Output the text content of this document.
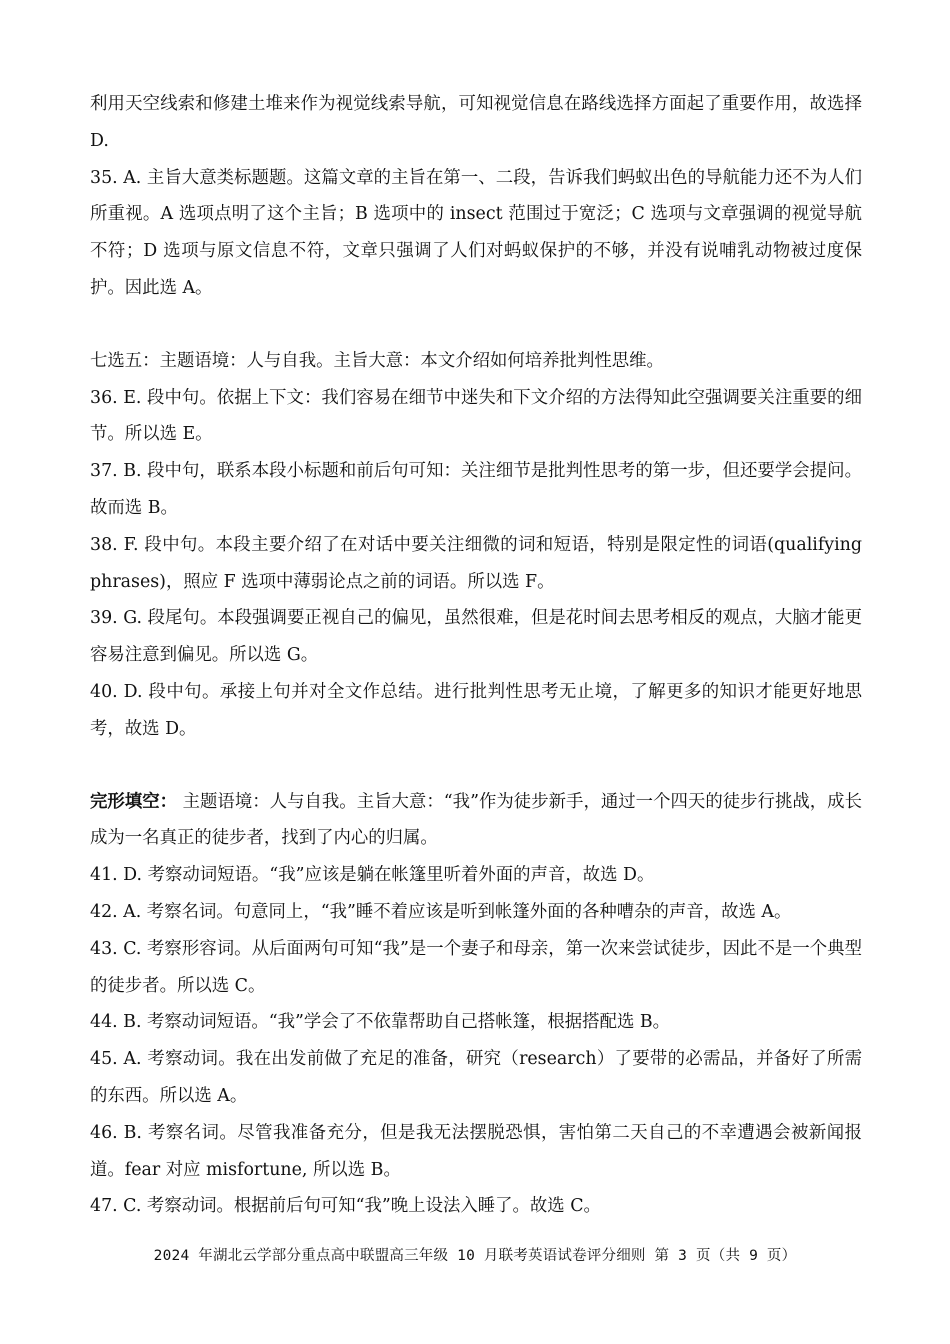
利用天空线索和修建土堆来作为视觉线索导航，可知视觉信息在路线选择方面起了重要作用，故选择 D.

35. A. 主旨大意类标题题。这篇文章的主旨在第一、二段，告诉我们蚂蚁出色的导航能力还不为人们所重视。A 选项点明了这个主旨；B 选项中的 insect 范围过于宽泛；C 选项与文章强调的视觉导航不符；D 选项与原文信息不符，文章只强调了人们对蚂蚁保护的不够，并没有说哺乳动物被过度保护。因此选 A。

七选五：主题语境：人与自我。主旨大意：本文介绍如何培养批判性思维。

36. E. 段中句。依据上下文：我们容易在细节中迷失和下文介绍的方法得知此空强调要关注重要的细节。所以选 E。

37. B. 段中句，联系本段小标题和前后句可知：关注细节是批判性思考的第一步，但还要学会提问。故而选 B。

38. F. 段中句。本段主要介绍了在对话中要关注细微的词和短语，特别是限定性的词语(qualifying phrases)，照应 F 选项中薄弱论点之前的词语。所以选 F。

39. G. 段尾句。本段强调要正视自己的偏见，虽然很难，但是花时间去思考相反的观点，大脑才能更容易注意到偏见。所以选 G。

40. D. 段中句。承接上句并对全文作总结。进行批判性思考无止境，了解更多的知识才能更好地思考，故选 D。

完形填空： 主题语境：人与自我。主旨大意：“我”作为徒步新手，通过一个四天的徒步行挑战，成长成为一名真正的徒步者，找到了内心的归属。

41. D. 考察动词短语。“我”应该是躺在帐篷里听着外面的声音，故选 D。

42. A. 考察名词。句意同上，“我”睡不着应该是听到帐篷外面的各种嘈杂的声音，故选 A。

43. C. 考察形容词。从后面两句可知“我”是一个妻子和母亲，第一次来尝试徒步，因此不是一个典型的徒步者。所以选 C。

44. B. 考察动词短语。“我”学会了不依靠帮助自己搭帐篷，根据搭配选 B。

45. A. 考察动词。我在出发前做了充足的准备，研究（research）了要带的必需品，并备好了所需的东西。所以选 A。

46. B. 考察名词。尽管我准备充分，但是我无法摆脱恐惧，害怕第二天自己的不幸遭遇会被新闻报道。fear 对应 misfortune, 所以选 B。

47. C. 考察动词。根据前后句可知“我”晚上设法入睡了。故选 C。

2024 年湖北云学部分重点高中联盟高三年级 10 月联考英语试卷评分细则 第 3 页（共 9 页）
